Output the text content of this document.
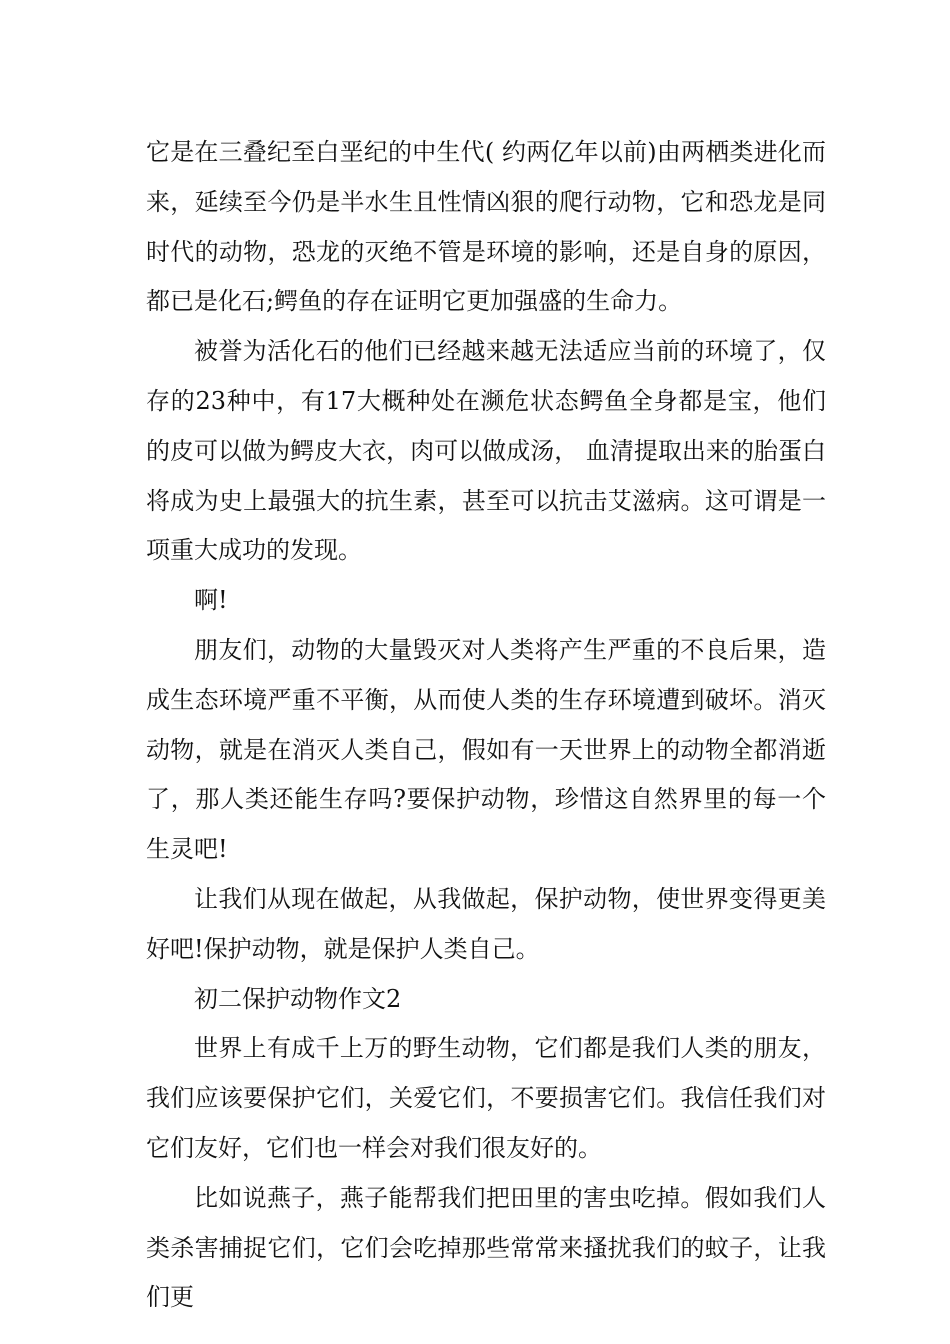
它是在三叠纪至白垩纪的中生代( 约两亿年以前)由两栖类进化而来，延续至今仍是半水生且性情凶狠的爬行动物，它和恐龙是同时代的动物，恐龙的灭绝不管是环境的影响，还是自身的原因，都已是化石;鳄鱼的存在证明它更加强盛的生命力。

被誉为活化石的他们已经越来越无法适应当前的环境了，仅存的23种中，有17大概种处在濒危状态鳄鱼全身都是宝，他们的皮可以做为鳄皮大衣，肉可以做成汤， 血清提取出来的胎蛋白将成为史上最强大的抗生素，甚至可以抗击艾滋病。这可谓是一项重大成功的发现。

啊!

朋友们，动物的大量毁灭对人类将产生严重的不良后果，造成生态环境严重不平衡，从而使人类的生存环境遭到破坏。消灭动物，就是在消灭人类自己，假如有一天世界上的动物全都消逝了，那人类还能生存吗?要保护动物，珍惜这自然界里的每一个生灵吧!

让我们从现在做起，从我做起，保护动物，使世界变得更美好吧!保护动物，就是保护人类自己。

初二保护动物作文2

世界上有成千上万的野生动物，它们都是我们人类的朋友，我们应该要保护它们，关爱它们，不要损害它们。我信任我们对它们友好，它们也一样会对我们很友好的。

比如说燕子，燕子能帮我们把田里的害虫吃掉。假如我们人类杀害捕捉它们，它们会吃掉那些常常来搔扰我们的蚊子，让我们更
